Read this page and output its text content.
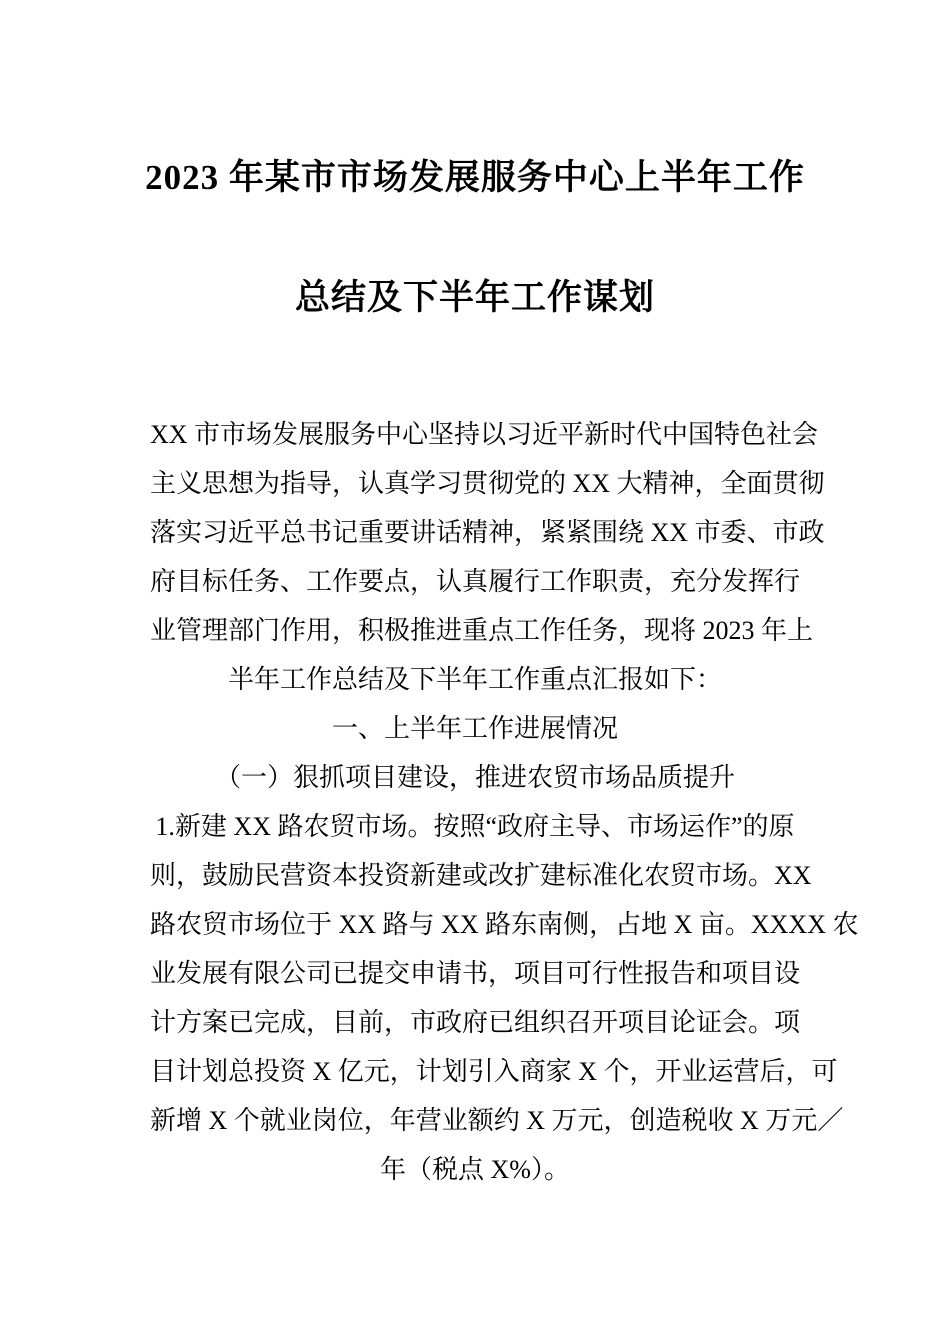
2023 年某市市场发展服务中心上半年工作
总结及下半年工作谋划
XX 市市场发展服务中心坚持以习近平新时代中国特色社会
主义思想为指导，认真学习贯彻党的 XX 大精神，全面贯彻
落实习近平总书记重要讲话精神，紧紧围绕 XX 市委、市政
府目标任务、工作要点，认真履行工作职责，充分发挥行
业管理部门作用，积极推进重点工作任务，现将 2023 年上
半年工作总结及下半年工作重点汇报如下：
一、上半年工作进展情况
（一）狠抓项目建设，推进农贸市场品质提升
1.新建 XX 路农贸市场。按照“政府主导、市场运作”的原
则，鼓励民营资本投资新建或改扩建标准化农贸市场。XX
路农贸市场位于 XX 路与 XX 路东南侧，占地 X 亩。XXXX 农
业发展有限公司已提交申请书，项目可行性报告和项目设
计方案已完成，目前，市政府已组织召开项目论证会。项
目计划总投资 X 亿元，计划引入商家 X 个，开业运营后，可
新增 X 个就业岗位，年营业额约 X 万元，创造税收 X 万元／
年（税点 X%）。
